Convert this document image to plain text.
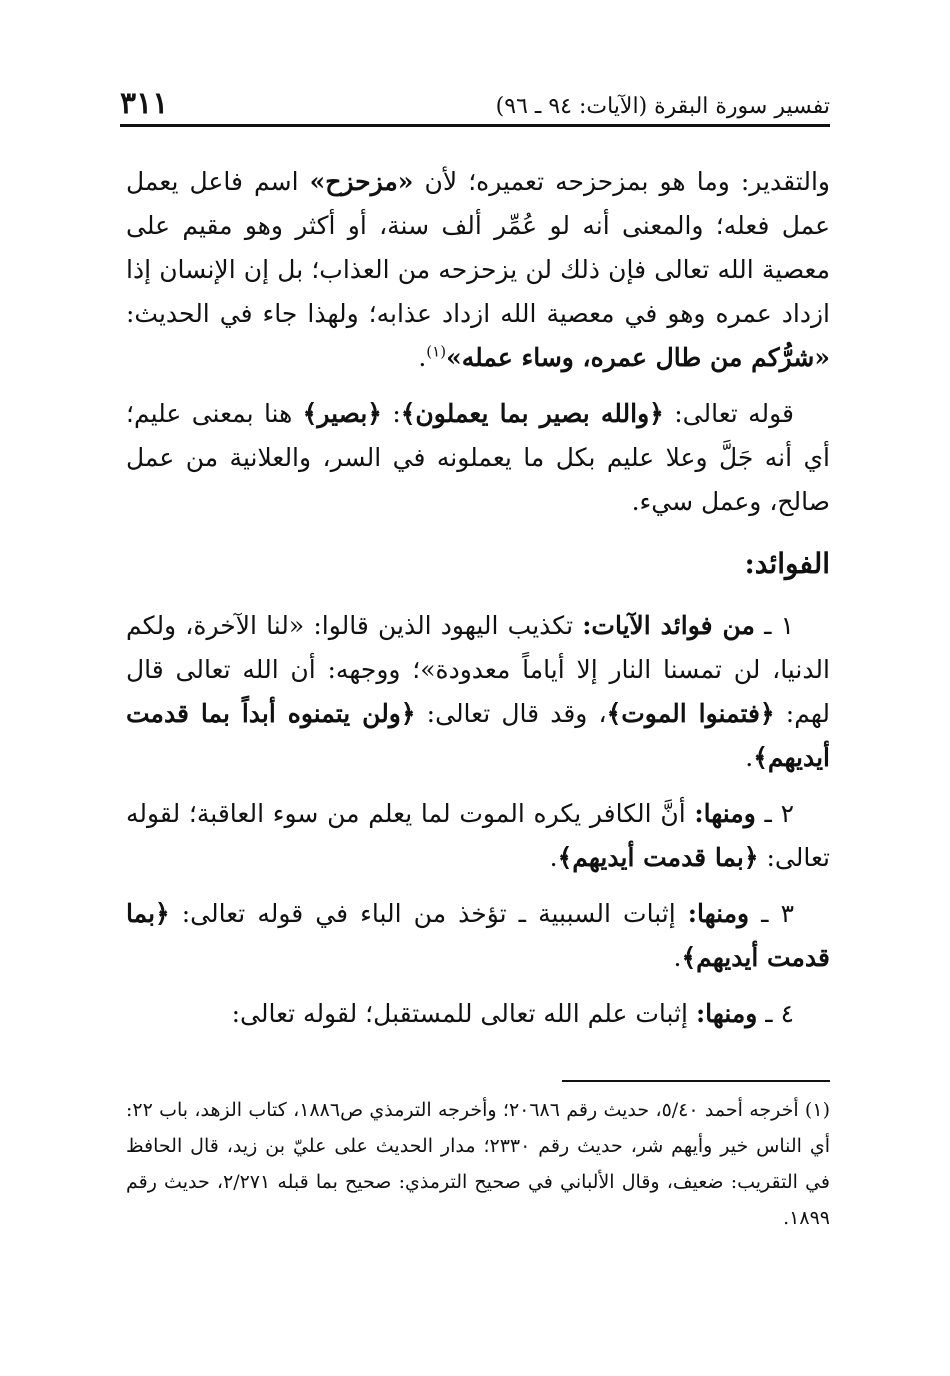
تفسير سورة البقرة (الآيات: ٩٤ ـ ٩٦)
٣١١

والتقدير: وما هو بمزحزحه تعميره؛ لأن «مزحزح» اسم فاعل يعمل عمل فعله؛ والمعنى أنه لو عُمِّر ألف سنة، أو أكثر وهو مقيم على معصية الله تعالى فإن ذلك لن يزحزحه من العذاب؛ بل إن الإنسان إذا ازداد عمره وهو في معصية الله ازداد عذابه؛ ولهذا جاء في الحديث: «شرُّكم من طال عمره، وساء عمله»$^{(١)}$.

قوله تعالى: ﴿والله بصير بما يعملون﴾: ﴿بصير﴾ هنا بمعنى عليم؛ أي أنه جَلَّ وعلا عليم بكل ما يعملونه في السر، والعلانية من عمل صالح، وعمل سيء.

الفوائد:

١ ـ من فوائد الآيات: تكذيب اليهود الذين قالوا: «لنا الآخرة، ولكم الدنيا، لن تمسنا النار إلا أياماً معدودة»؛ ووجهه: أن الله تعالى قال لهم: ﴿فتمنوا الموت﴾، وقد قال تعالى: ﴿ولن يتمنوه أبداً بما قدمت أيديهم﴾.

٢ ـ ومنها: أنَّ الكافر يكره الموت لما يعلم من سوء العاقبة؛ لقوله تعالى: ﴿بما قدمت أيديهم﴾.

٣ ـ ومنها: إثبات السببية ـ تؤخذ من الباء في قوله تعالى: ﴿بما قدمت أيديهم﴾.

٤ ـ ومنها: إثبات علم الله تعالى للمستقبل؛ لقوله تعالى:

(١) أخرجه أحمد ٥/٤٠، حديث رقم ٢٠٦٨٦؛ وأخرجه الترمذي ص١٨٨٦، كتاب الزهد، باب ٢٢: أي الناس خير وأيهم شر، حديث رقم ٢٣٣٠؛ مدار الحديث على عليّ بن زيد، قال الحافظ في التقريب: ضعيف، وقال الألباني في صحيح الترمذي: صحيح بما قبله ٢/٢٧١، حديث رقم ١٨٩٩.
